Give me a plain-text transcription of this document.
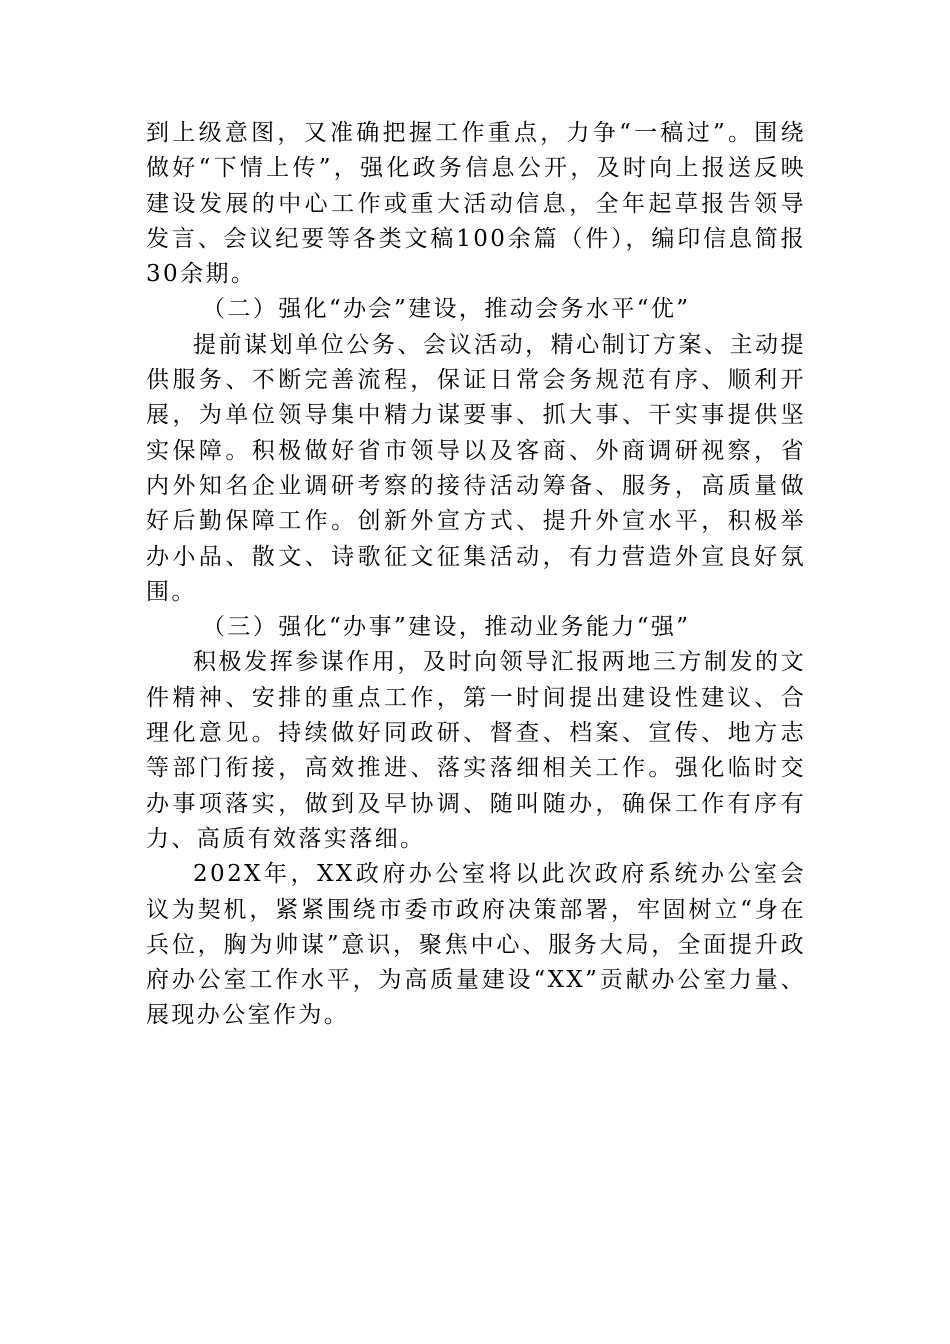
到上级意图，又准确把握工作重点，力争“一稿过”。围绕做好“下情上传”，强化政务信息公开，及时向上报送反映建设发展的中心工作或重大活动信息，全年起草报告领导发言、会议纪要等各类文稿100余篇（件），编印信息简报30余期。

（二）强化“办会”建设，推动会务水平“优”

提前谋划单位公务、会议活动，精心制订方案、主动提供服务、不断完善流程，保证日常会务规范有序、顺利开展，为单位领导集中精力谋要事、抓大事、干实事提供坚实保障。积极做好省市领导以及客商、外商调研视察，省内外知名企业调研考察的接待活动筹备、服务，高质量做好后勤保障工作。创新外宣方式、提升外宣水平，积极举办小品、散文、诗歌征文征集活动，有力营造外宣良好氛围。

（三）强化“办事”建设，推动业务能力“强”

积极发挥参谋作用，及时向领导汇报两地三方制发的文件精神、安排的重点工作，第一时间提出建设性建议、合理化意见。持续做好同政研、督查、档案、宣传、地方志等部门衔接，高效推进、落实落细相关工作。强化临时交办事项落实，做到及早协调、随叫随办，确保工作有序有力、高质有效落实落细。

202X年，XX政府办公室将以此次政府系统办公室会议为契机，紧紧围绕市委市政府决策部署，牢固树立“身在兵位，胸为帅谋”意识，聚焦中心、服务大局，全面提升政府办公室工作水平，为高质量建设“XX”贡献办公室力量、展现办公室作为。
